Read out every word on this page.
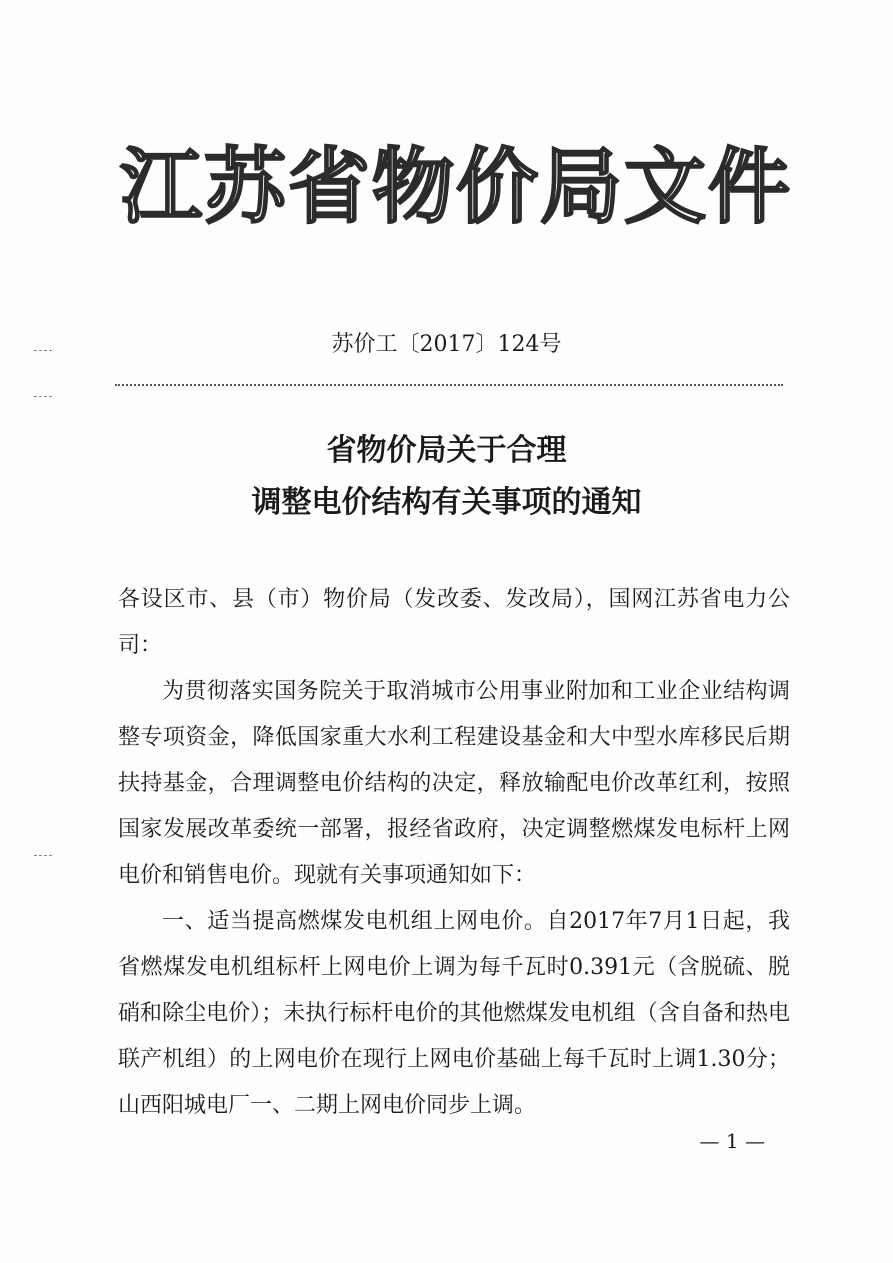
江苏省物价局文件
苏价工〔2017〕124号
省物价局关于合理
调整电价结构有关事项的通知

各设区市、县（市）物价局（发改委、发改局），国网江苏省电力公司：

为贯彻落实国务院关于取消城市公用事业附加和工业企业结构调整专项资金，降低国家重大水利工程建设基金和大中型水库移民后期扶持基金，合理调整电价结构的决定，释放输配电价改革红利，按照国家发展改革委统一部署，报经省政府，决定调整燃煤发电标杆上网电价和销售电价。现就有关事项通知如下：

一、适当提高燃煤发电机组上网电价。自2017年7月1日起，我省燃煤发电机组标杆上网电价上调为每千瓦时0.391元（含脱硫、脱硝和除尘电价）；未执行标杆电价的其他燃煤发电机组（含自备和热电联产机组）的上网电价在现行上网电价基础上每千瓦时上调1.30分；山西阳城电厂一、二期上网电价同步上调。

— 1 —
